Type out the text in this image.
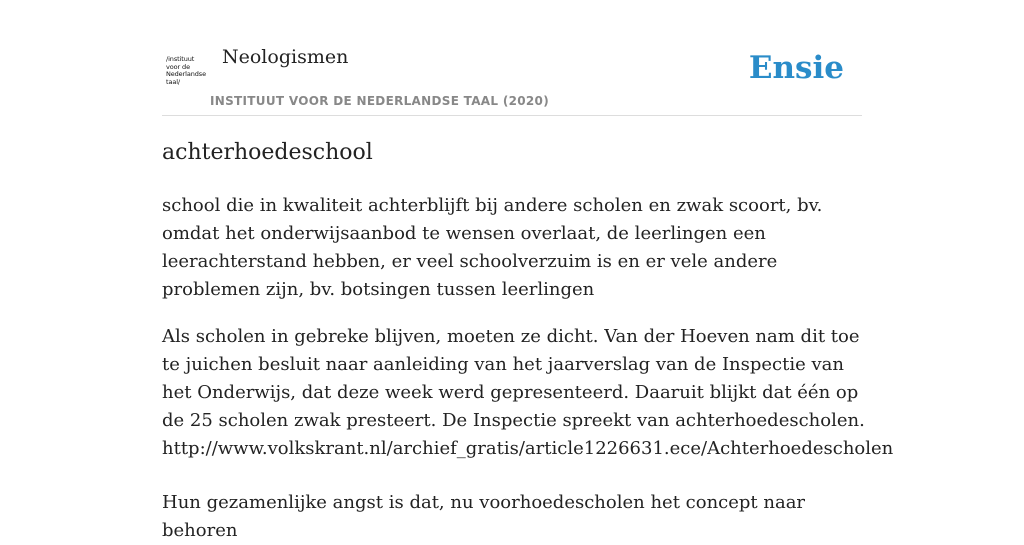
/instituut
voor de
Nederlandse
taal/
Neologismen
INSTITUUT VOOR DE NEDERLANDSE TAAL (2020)
Ensie
achterhoedeschool

school die in kwaliteit achterblijft bij andere scholen en zwak scoort, bv. omdat het onderwijsaanbod te wensen overlaat, de leerlingen een leerachterstand hebben, er veel schoolverzuim is en er vele andere problemen zijn, bv. botsingen tussen leerlingen

Als scholen in gebreke blijven, moeten ze dicht. Van der Hoeven nam dit toe te juichen besluit naar aanleiding van het jaarverslag van de Inspectie van het Onderwijs, dat deze week werd gepresenteerd. Daaruit blijkt dat één op de 25 scholen zwak presteert. De Inspectie spreekt van achterhoedescholen. http://www.volkskrant.nl/archief_gratis/article1226631.ece/Achterhoedescholen

Hun gezamenlijke angst is dat, nu voorhoedescholen het concept naar behoren
